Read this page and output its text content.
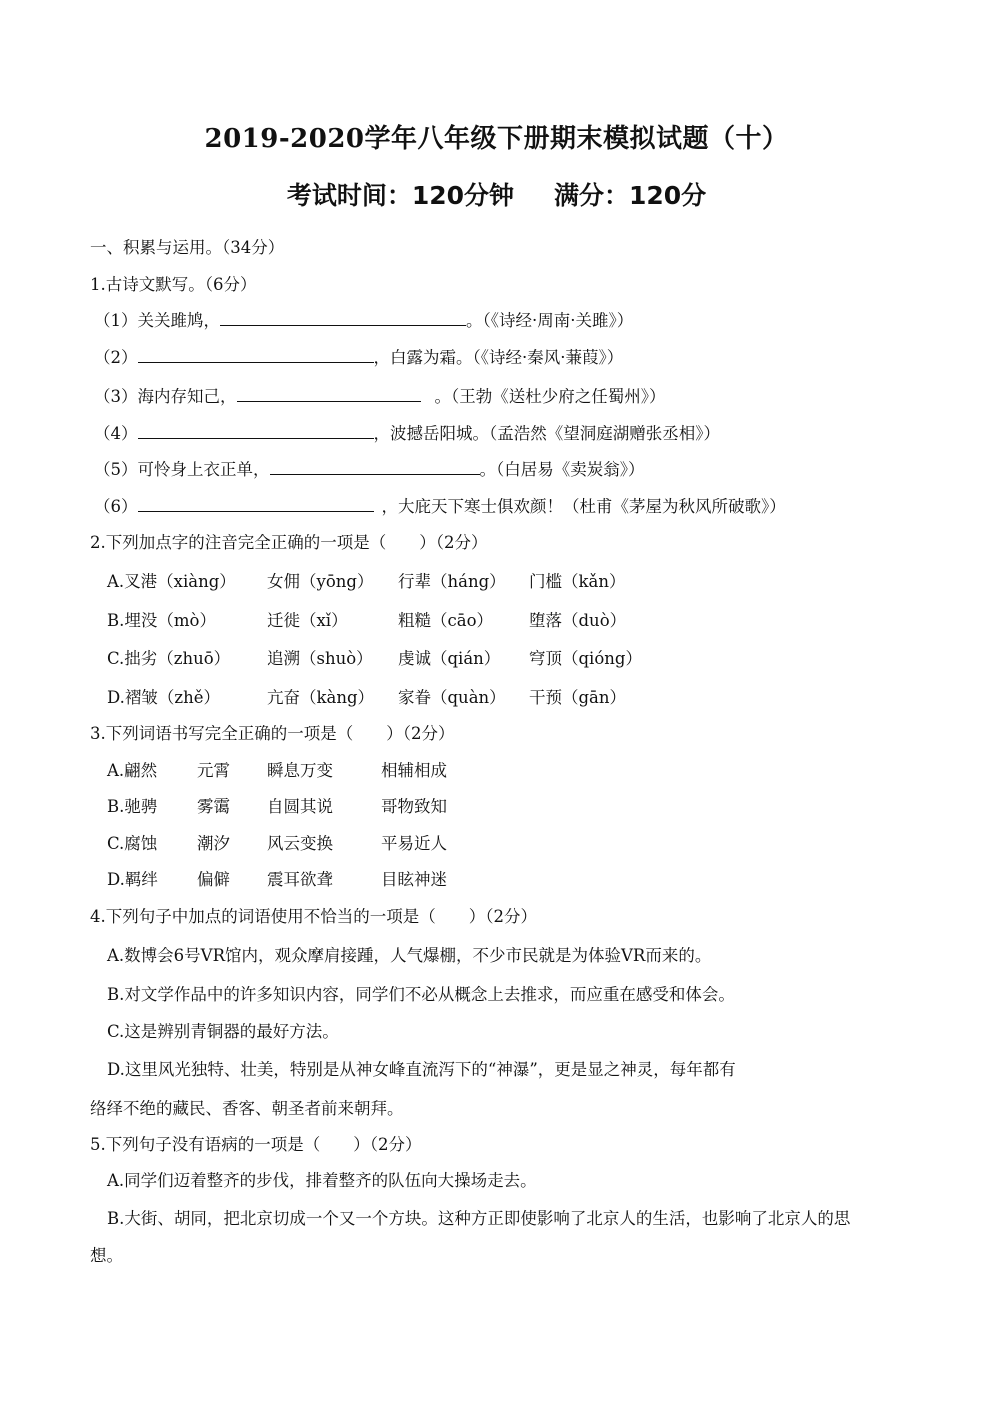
2019-2020学年八年级下册期末模拟试题（十）
考试时间：120分钟 满分：120分
一、积累与运用。（34分）
1.古诗文默写。（6分）
（1）关关雎鸠，	。（《诗经·周南·关雎》）
（2）	，白露为霜。（《诗经·秦风·蒹葭》）
（3）海内存知己，	。（王勃《送杜少府之任蜀州》）
（4）	，波撼岳阳城。（孟浩然《望洞庭湖赠张丞相》）
（5）可怜身上衣正单，	。（白居易《卖炭翁》）
（6）	，大庇天下寒士俱欢颜！（杜甫《茅屋为秋风所破歌》）
2.下列加点字的注音完全正确的一项是（　　）（2分）
A.叉港（xiàng） 女佣（yōng） 行辈（háng） 门槛（kǎn）
B.埋没（mò）	迁徙（xǐ）	粗糙（cāo） 堕落（duò）
C.拙劣（zhuō） 追溯（shuò） 虔诚（qián） 穹顶（qióng）
D.褶皱（zhě）	亢奋（kàng） 家眷（quàn） 干预（gān）
3.下列词语书写完全正确的一项是（　　）（2分）
A.翩然 元霄 瞬息万变	相辅相成
B.驰骋 雾霭 自圆其说	哥物致知
C.腐蚀 潮汐 风云变换	平易近人
D.羁绊 偏僻 震耳欲聋	目眩神迷
4.下列句子中加点的词语使用不恰当的一项是（　　）（2分）
A.数博会6号VR馆内，观众摩肩接踵，人气爆棚，不少市民就是为体验VR而来的。
B.对文学作品中的许多知识内容，同学们不必从概念上去推求，而应重在感受和体会。
C.这是辨别青铜器的最好方法。
D.这里风光独特、壮美，特别是从神女峰直流泻下的“神瀑”，更是显之神灵，每年都有
络绎不绝的藏民、香客、朝圣者前来朝拜。
5.下列句子没有语病的一项是（　　）（2分）
A.同学们迈着整齐的步伐，排着整齐的队伍向大操场走去。
B.大街、胡同，把北京切成一个又一个方块。这种方正即使影响了北京人的生活，也影响了北京人的思
想。
